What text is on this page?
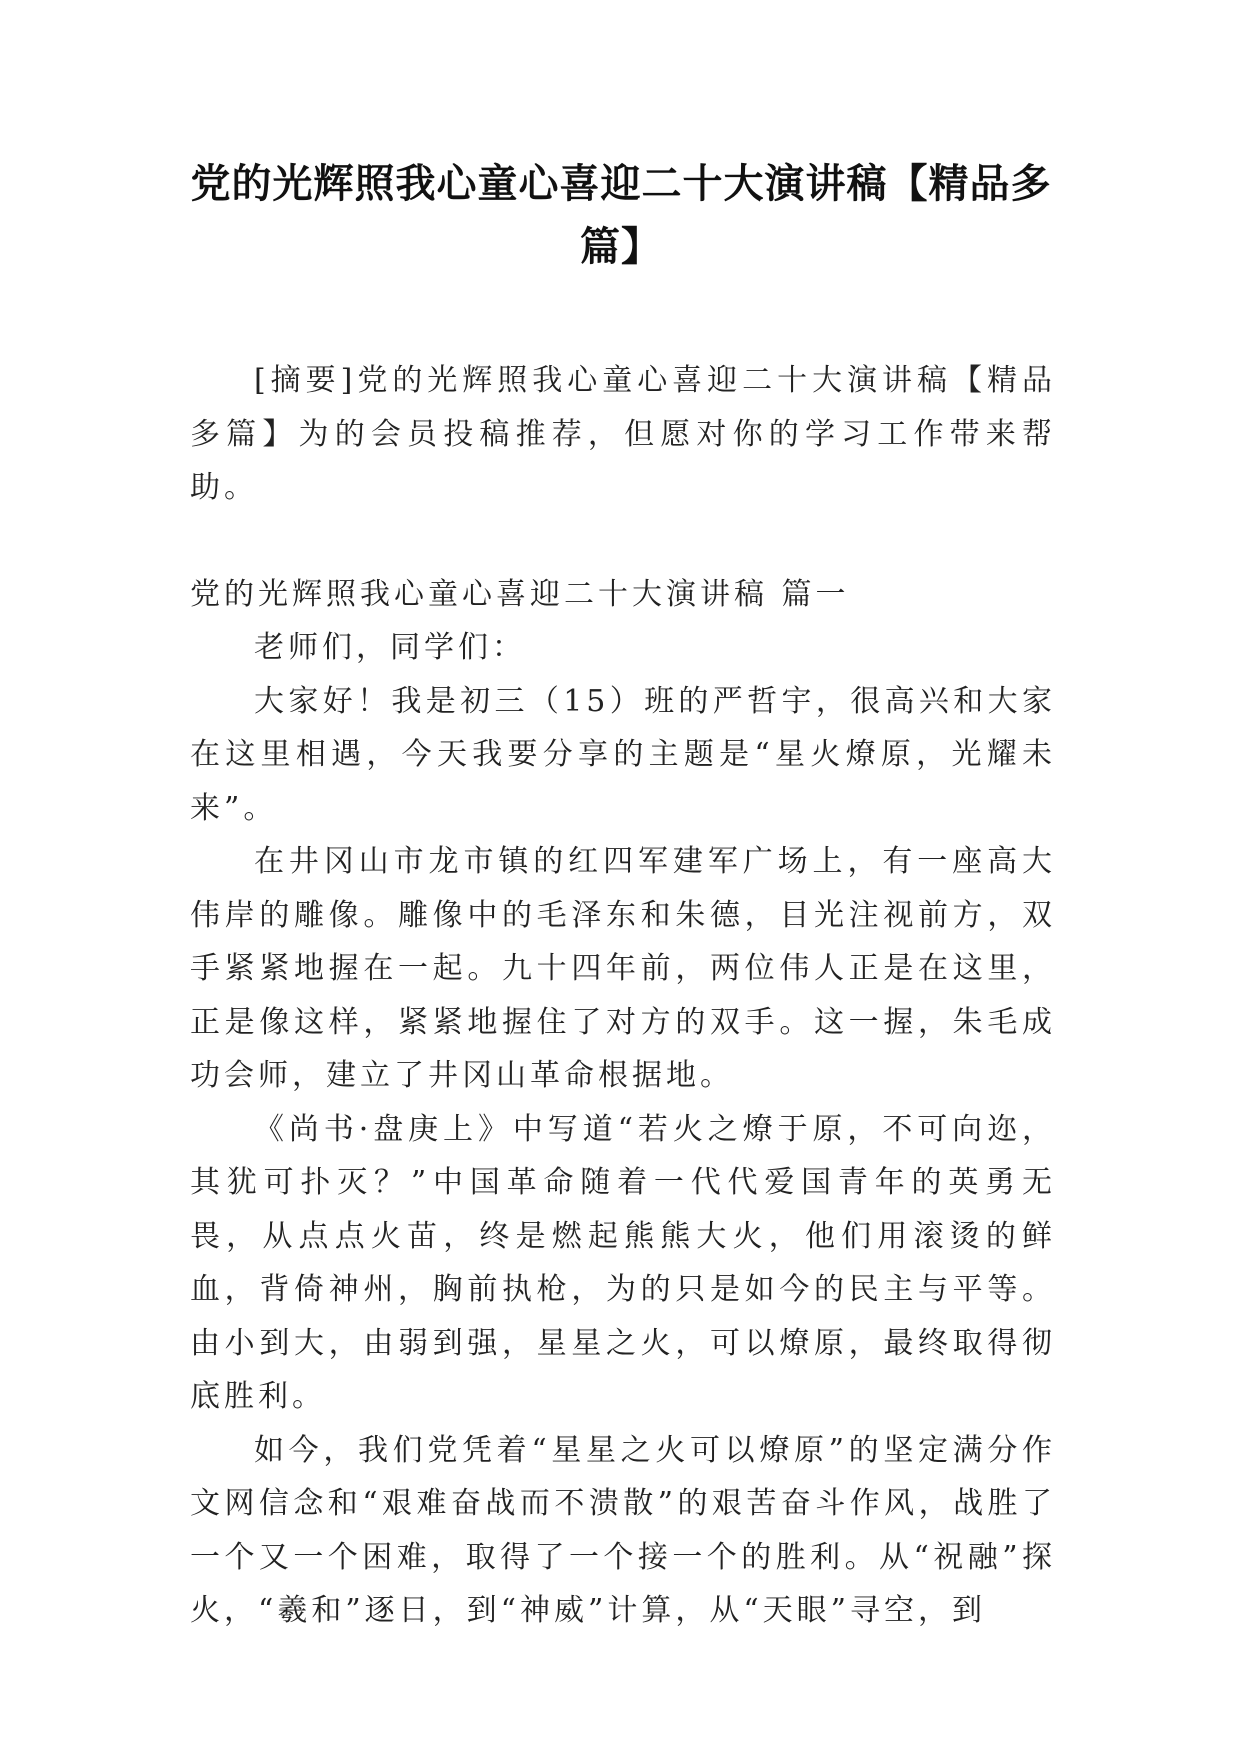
党的光辉照我心童心喜迎二十大演讲稿【精品多篇】

[摘要]党的光辉照我心童心喜迎二十大演讲稿【精品多篇】为的会员投稿推荐，但愿对你的学习工作带来帮助。

党的光辉照我心童心喜迎二十大演讲稿 篇一

老师们，同学们：

大家好！我是初三（15）班的严哲宇，很高兴和大家在这里相遇，今天我要分享的主题是“星火燎原，光耀未来”。

在井冈山市龙市镇的红四军建军广场上，有一座高大伟岸的雕像。雕像中的毛泽东和朱德，目光注视前方，双手紧紧地握在一起。九十四年前，两位伟人正是在这里，正是像这样，紧紧地握住了对方的双手。这一握，朱毛成功会师，建立了井冈山革命根据地。

《尚书·盘庚上》中写道“若火之燎于原，不可向迩，其犹可扑灭？”中国革命随着一代代爱国青年的英勇无畏，从点点火苗，终是燃起熊熊大火，他们用滚烫的鲜血，背倚神州，胸前执枪，为的只是如今的民主与平等。由小到大，由弱到强，星星之火，可以燎原，最终取得彻底胜利。

如今，我们党凭着“星星之火可以燎原”的坚定满分作文网信念和“艰难奋战而不溃散”的艰苦奋斗作风，战胜了一个又一个困难，取得了一个接一个的胜利。从“祝融”探火，“羲和”逐日，到“神威”计算，从“天眼”寻空，到
